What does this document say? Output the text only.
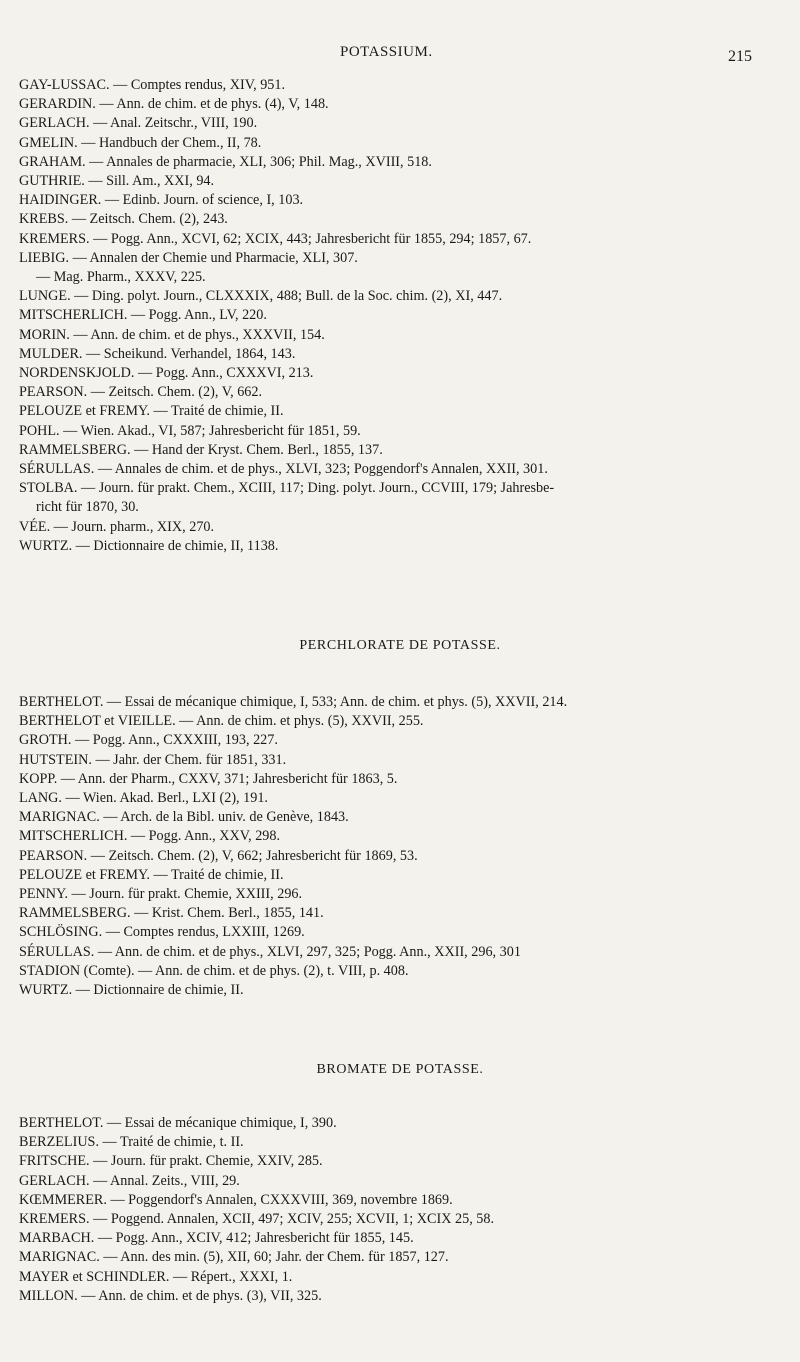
POTASSIUM.	215
GAY-LUSSAC. — Comptes rendus, XIV, 951.
GERARDIN. — Ann. de chim. et de phys. (4), V, 148.
GERLACH. — Anal. Zeitschr., VIII, 190.
GMELIN. — Handbuch der Chem., II, 78.
GRAHAM. — Annales de pharmacie, XLI, 306; Phil. Mag., XVIII, 518.
GUTHRIE. — Sill. Am., XXI, 94.
HAIDINGER. — Edinb. Journ. of science, I, 103.
KREBS. — Zeitsch. Chem. (2), 243.
KREMERS. — Pogg. Ann., XCVI, 62; XCIX, 443; Jahresbericht für 1855, 294; 1857, 67.
LIEBIG. — Annalen der Chemie und Pharmacie, XLI, 307.
— Mag. Pharm., XXXV, 225.
LUNGE. — Ding. polyt. Journ., CLXXXIX, 488; Bull. de la Soc. chim. (2), XI, 447.
MITSCHERLICH. — Pogg. Ann., LV, 220.
MORIN. — Ann. de chim. et de phys., XXXVII, 154.
MULDER. — Scheikund. Verhandel, 1864, 143.
NORDENSKJOLD. — Pogg. Ann., CXXXVI, 213.
PEARSON. — Zeitsch. Chem. (2), V, 662.
PELOUZE et FREMY. — Traité de chimie, II.
POHL. — Wien. Akad., VI, 587; Jahresbericht für 1851, 59.
RAMMELSBERG. — Hand der Kryst. Chem. Berl., 1855, 137.
SÉRULLAS. — Annales de chim. et de phys., XLVI, 323; Poggendorf's Annalen, XXII, 301.
STOLBA. — Journ. für prakt. Chem., XCIII, 117; Ding. polyt. Journ., CCVIII, 179; Jahresbe-
richt für 1870, 30.
VÉE. — Journ. pharm., XIX, 270.
WURTZ. — Dictionnaire de chimie, II, 1138.
PERCHLORATE DE POTASSE.
BERTHELOT. — Essai de mécanique chimique, I, 533; Ann. de chim. et phys. (5), XXVII, 214.
BERTHELOT et VIEILLE. — Ann. de chim. et phys. (5), XXVII, 255.
GROTH. — Pogg. Ann., CXXXIII, 193, 227.
HUTSTEIN. — Jahr. der Chem. für 1851, 331.
KOPP. — Ann. der Pharm., CXXV, 371; Jahresbericht für 1863, 5.
LANG. — Wien. Akad. Berl., LXI (2), 191.
MARIGNAC. — Arch. de la Bibl. univ. de Genève, 1843.
MITSCHERLICH. — Pogg. Ann., XXV, 298.
PEARSON. — Zeitsch. Chem. (2), V, 662; Jahresbericht für 1869, 53.
PELOUZE et FREMY. — Traité de chimie, II.
PENNY. — Journ. für prakt. Chemie, XXIII, 296.
RAMMELSBERG. — Krist. Chem. Berl., 1855, 141.
SCHLÖSING. — Comptes rendus, LXXIII, 1269.
SÉRULLAS. — Ann. de chim. et de phys., XLVI, 297, 325; Pogg. Ann., XXII, 296, 301
STADION (Comte). — Ann. de chim. et de phys. (2), t. VIII, p. 408.
WURTZ. — Dictionnaire de chimie, II.
BROMATE DE POTASSE.
BERTHELOT. — Essai de mécanique chimique, I, 390.
BERZELIUS. — Traité de chimie, t. II.
FRITSCHE. — Journ. für prakt. Chemie, XXIV, 285.
GERLACH. — Annal. Zeits., VIII, 29.
KŒMMERER. — Poggendorf's Annalen, CXXXVIII, 369, novembre 1869.
KREMERS. — Poggend. Annalen, XCII, 497; XCIV, 255; XCVII, 1; XCIX 25, 58.
MARBACH. — Pogg. Ann., XCIV, 412; Jahresbericht für 1855, 145.
MARIGNAC. — Ann. des min. (5), XII, 60; Jahr. der Chem. für 1857, 127.
MAYER et SCHINDLER. — Répert., XXXI, 1.
MILLON. — Ann. de chim. et de phys. (3), VII, 325.
